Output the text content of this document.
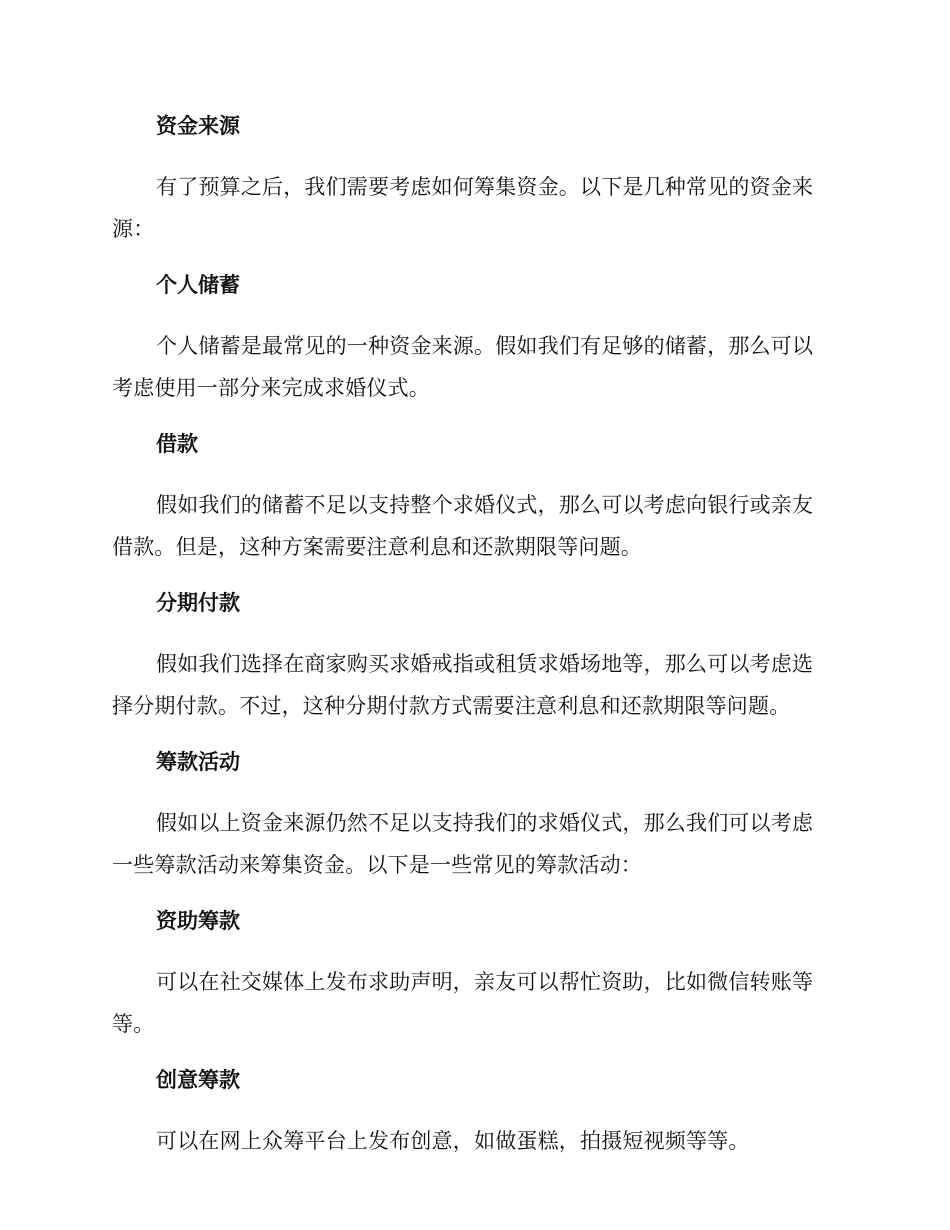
资金来源

有了预算之后，我们需要考虑如何筹集资金。以下是几种常见的资金来源：

个人储蓄

个人储蓄是最常见的一种资金来源。假如我们有足够的储蓄，那么可以考虑使用一部分来完成求婚仪式。

借款

假如我们的储蓄不足以支持整个求婚仪式，那么可以考虑向银行或亲友借款。但是，这种方案需要注意利息和还款期限等问题。

分期付款

假如我们选择在商家购买求婚戒指或租赁求婚场地等，那么可以考虑选择分期付款。不过，这种分期付款方式需要注意利息和还款期限等问题。

筹款活动

假如以上资金来源仍然不足以支持我们的求婚仪式，那么我们可以考虑一些筹款活动来筹集资金。以下是一些常见的筹款活动：

资助筹款

可以在社交媒体上发布求助声明，亲友可以帮忙资助，比如微信转账等等。

创意筹款

可以在网上众筹平台上发布创意，如做蛋糕，拍摄短视频等等。
